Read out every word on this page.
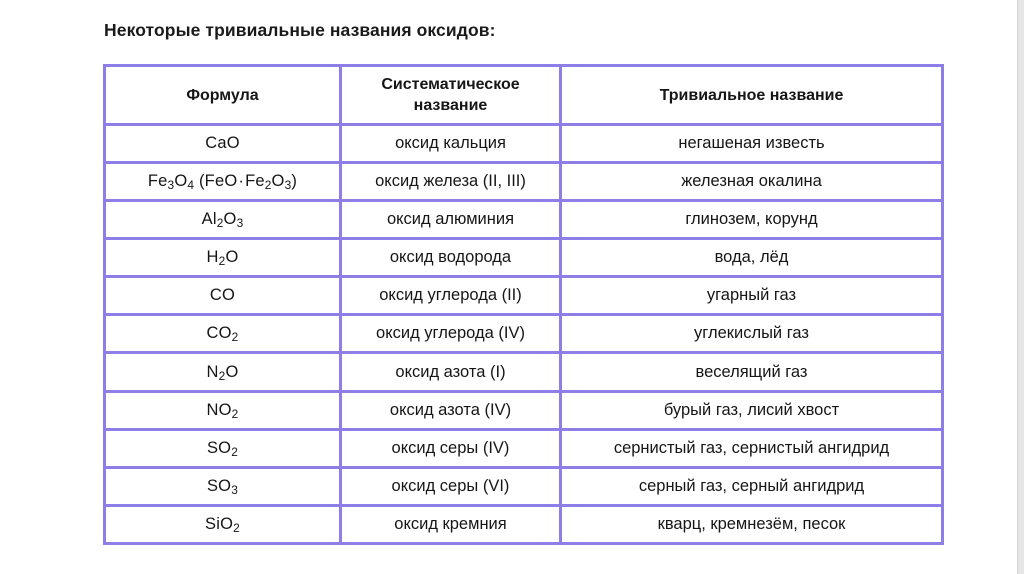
Некоторые тривиальные названия оксидов:
Формула	Систематическое название	Тривиальное название
CaO	оксид кальция	негашеная известь
$Fe_3O_4$ $(FeO\cdot Fe_2O_3)$	оксид железа (II, III)	железная окалина
$Al_2O_3$	оксид алюминия	глинозем, корунд
$H_2O$	оксид водорода	вода, лёд
CO	оксид углерода (II)	угарный газ
$CO_2$	оксид углерода (IV)	углекислый газ
$N_2O$	оксид азота (I)	веселящий газ
$NO_2$	оксид азота (IV)	бурый газ, лисий хвост
$SO_2$	оксид серы (IV)	сернистый газ, сернистый ангидрид
$SO_3$	оксид серы (VI)	серный газ, серный ангидрид
SiO$_2$	оксид кремния	кварц, кремнезём, песок
